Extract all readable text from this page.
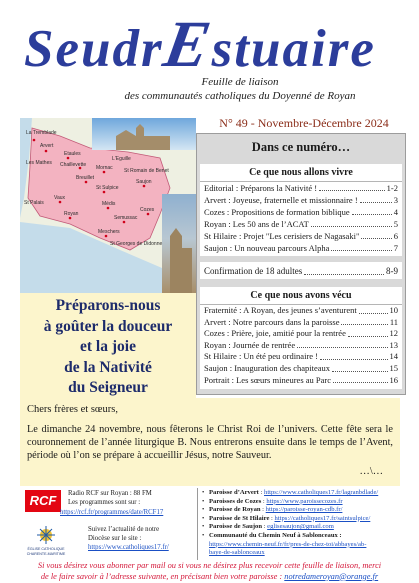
SeudrEstuaire
Feuille de liaison
des communautés catholiques du Doyenné de Royan
N° 49 - Novembre-Décembre 2024
La Tremblade
Arvert
Etaules
Les Mathes Chaillevette
L'Eguille
Mornac St Romain de Benet
Breuillet
Saujon
St Sulpice
St Palais
Vaux
Médis
Royan
Semussac
Cozes
Meschers
St Georges de Didonne
Dans ce numéro…
Ce que nous allons vivre
Editorial : Préparons la Nativité !	1-2
Arvert : Joyeuse, fraternelle et missionnaire !	3
Cozes : Propositions de formation biblique	4
Royan : Les 50 ans de l’ACAT	5
St Hilaire : Projet "Les cerisiers de Nagasaki"	6
Saujon : Un nouveau parcours Alpha	7
Confirmation de 18 adultes	8-9
Ce que nous avons vécu
Fraternité : A Royan, des jeunes s’aventurent	10
Arvert : Notre parcours dans la paroisse	11
Cozes : Prière, joie, amitié pour la rentrée	12
Royan : Journée de rentrée	13
St Hilaire : Un été peu ordinaire !	14
Saujon : Inauguration des chapiteaux	15
Portrait : Les sœurs mineures au Parc	16
Préparons-nous
à goûter la douceur
et la joie
de la Nativité
du Seigneur
Chers frères et sœurs,
Le dimanche 24 novembre, nous fêterons le Christ Roi de l’univers. Cette fête sera le couronnement de l’année liturgique B. Nous entrerons ensuite dans le temps de l’Avent, période où l’on se prépare à accueillir Jésus, notre Sauveur.
…\…
RCF	Radio RCF sur Royan : 88 FM
Les programmes sont sur :
https://rcf.fr/programmes/date/RCF17
ÉGLISE CATHOLIQUE
CHARENTE-MARITIME
Suivez l’actualité de notre
Diocèse sur le site :
https://www.catholiques17.fr/
• Paroisse d’Arvert : https://www.catholiques17.fr/lagranbdlade/
• Paroisses de Cozes : https://www.paroissecozes.fr
• Paroisse de Royan : https://paroisse-royan-cdb.fr/
• Paroisse de St Hilaire : https://catholiques17.fr/saintsulpice/
• Paroisse de Saujon : eglisesaujon@gmail.com
• Communauté du Chemin Neuf à Sablonceaux :
https://www.chemin-neuf.fr/fr/pres-de-chez-toi/abbayes/ab-
baye-de-sablonceaux
Si vous désirez vous abonner par mail ou si vous ne désirez plus recevoir cette feuille de liaison, merci
de le faire savoir à l’adresse suivante, en précisant bien votre paroisse : notredameroyan@orange.fr
